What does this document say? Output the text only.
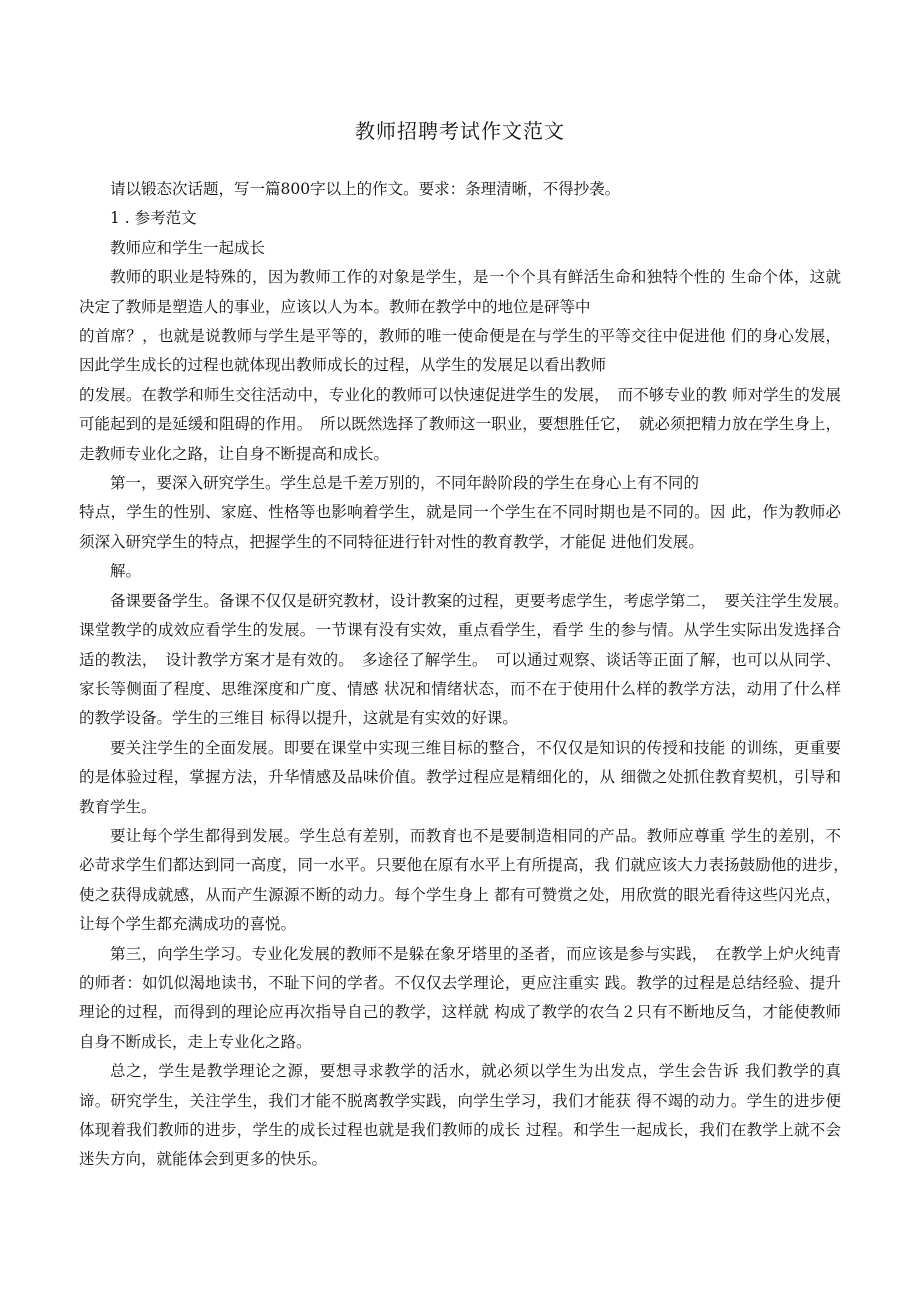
教师招聘考试作文范文

请以锻态次话题，写一篇800字以上的作文。要求：条理清晰，不得抄袭。

1 . 参考范文

教师应和学生一起成长

教师的职业是特殊的，因为教师工作的对象是学生，是一个个具有鲜活生命和独特个性的 生命个体，这就决定了教师是塑造人的事业，应该以人为本。教师在教学中的地位是砰等中

的首席？，也就是说教师与学生是平等的，教师的唯一使命便是在与学生的平等交往中促进他 们的身心发展，因此学生成长的过程也就体现出教师成长的过程，从学生的发展足以看出教师

的发展。在教学和师生交往活动中，专业化的教师可以快速促进学生的发展，　而不够专业的教 师对学生的发展可能起到的是延缓和阻碍的作用。　所以既然选择了教师这一职业，要想胜任它，　就必须把精力放在学生身上，走教师专业化之路，让自身不断提高和成长。

第一，要深入研究学生。学生总是千差万别的，不同年龄阶段的学生在身心上有不同的

特点，学生的性别、家庭、性格等也影响着学生，就是同一个学生在不同时期也是不同的。因 此，作为教师必须深入研究学生的特点，把握学生的不同特征进行针对性的教育教学，才能促 进他们发展。

解。

备课要备学生。备课不仅仅是研究教材，设计教案的过程，更要考虑学生，考虑学第二，　要关注学生发展。　课堂教学的成效应看学生的发展。一节课有没有实效，重点看学生，看学 生的参与情。从学生实际出发选择合适的教法，　设计教学方案才是有效的。　多途径了解学生。　可以通过观察、谈话等正面了解，也可以从同学、家长等侧面了程度、思维深度和广度、情感 状况和情绪状态，而不在于使用什么样的教学方法，动用了什么样的教学设备。学生的三维目 标得以提升，这就是有实效的好课。

要关注学生的全面发展。即要在课堂中实现三维目标的整合，不仅仅是知识的传授和技能 的训练，更重要的是体验过程，掌握方法，升华情感及品味价值。教学过程应是精细化的，从 细微之处抓住教育契机，引导和教育学生。

要让每个学生都得到发展。学生总有差别，而教育也不是要制造相同的产品。教师应尊重 学生的差别，不必苛求学生们都达到同一高度，同一水平。只要他在原有水平上有所提高，我 们就应该大力表扬鼓励他的进步，　使之获得成就感，从而产生源源不断的动力。每个学生身上 都有可赞赏之处，用欣赏的眼光看待这些闪光点，让每个学生都充满成功的喜悦。

第三，向学生学习。专业化发展的教师不是躲在象牙塔里的圣者，而应该是参与实践，　在教学上炉火纯青的师者：如饥似渴地读书，不耻下问的学者。不仅仅去学理论，更应注重实 践。教学的过程是总结经验、提升理论的过程，而得到的理论应再次指导自己的教学，这样就 构成了教学的农刍２只有不断地反刍，才能使教师自身不断成长，走上专业化之路。

总之，学生是教学理论之源，要想寻求教学的活水，就必须以学生为出发点，学生会告诉 我们教学的真谛。研究学生，关注学生，我们才能不脱离教学实践，向学生学习，我们才能获 得不竭的动力。学生的进步便体现着我们教师的进步，学生的成长过程也就是我们教师的成长 过程。和学生一起成长，我们在教学上就不会迷失方向，就能体会到更多的快乐。
